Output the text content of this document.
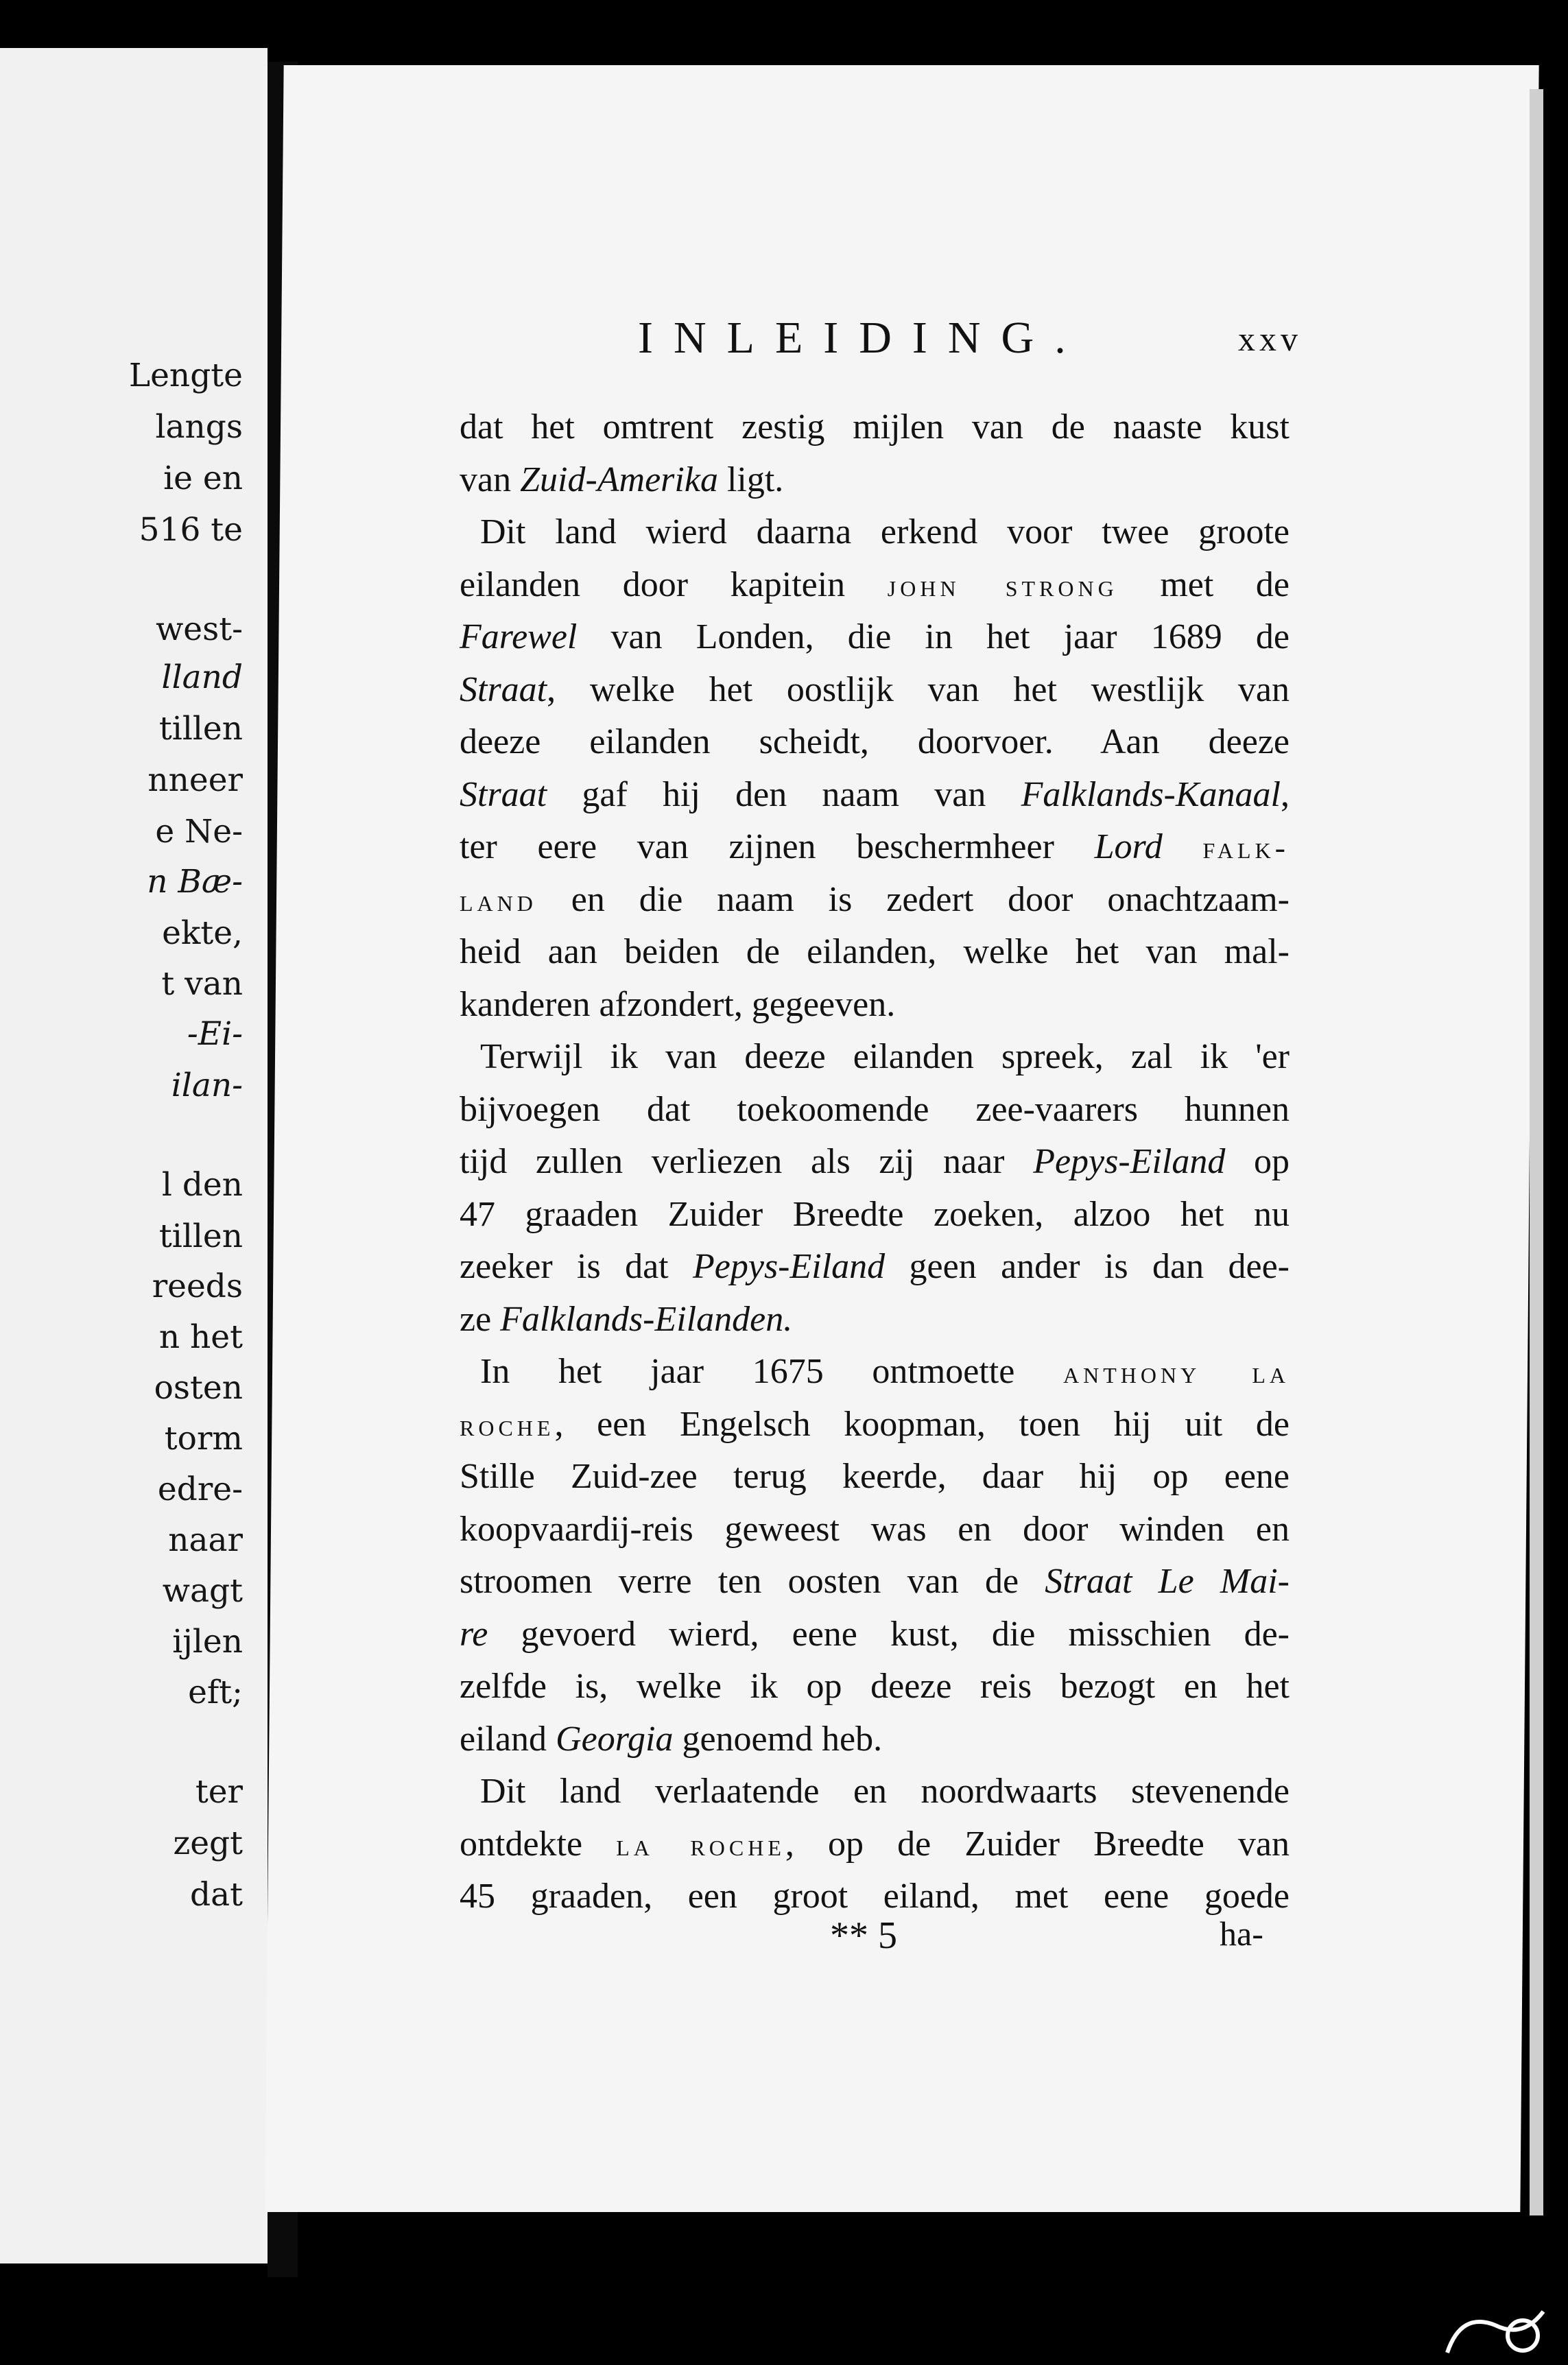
Lengte
langs
ie en
516 te
west-
lland
tillen
nneer
e Ne-
n Bæ-
ekte,
t van
-Ei-
ilan-
l den
tillen
reeds
n het
osten
torm
edre-
naar
wagt
ijlen
eft;
ter
zegt
dat
INLEIDING.	xxv
dat het omtrent zestig mijlen van de naaste kust
van Zuid-Amerika ligt.
Dit land wierd daarna erkend voor twee groote
eilanden door kapitein john strong met de
Farewel van Londen, die in het jaar 1689 de
Straat, welke het oostlijk van het westlijk van
deeze eilanden scheidt, doorvoer. Aan deeze
Straat gaf hij den naam van Falklands-Kanaal,
ter eere van zijnen beschermheer Lord falk-
land en die naam is zedert door onachtzaam-
heid aan beiden de eilanden, welke het van mal-
kanderen afzondert, gegeeven.
Terwijl ik van deeze eilanden spreek, zal ik 'er
bijvoegen dat toekoomende zee-vaarers hunnen
tijd zullen verliezen als zij naar Pepys-Eiland op
47 graaden Zuider Breedte zoeken, alzoo het nu
zeeker is dat Pepys-Eiland geen ander is dan dee-
ze Falklands-Eilanden.
In het jaar 1675 ontmoette anthony la
roche, een Engelsch koopman, toen hij uit de
Stille Zuid-zee terug keerde, daar hij op eene
koopvaardij-reis geweest was en door winden en
stroomen verre ten oosten van de Straat Le Mai-
re gevoerd wierd, eene kust, die misschien de-
zelfde is, welke ik op deeze reis bezogt en het
eiland Georgia genoemd heb.
Dit land verlaatende en noordwaarts stevenende
ontdekte la roche, op de Zuider Breedte van
45 graaden, een groot eiland, met eene goede
** 5	ha-
